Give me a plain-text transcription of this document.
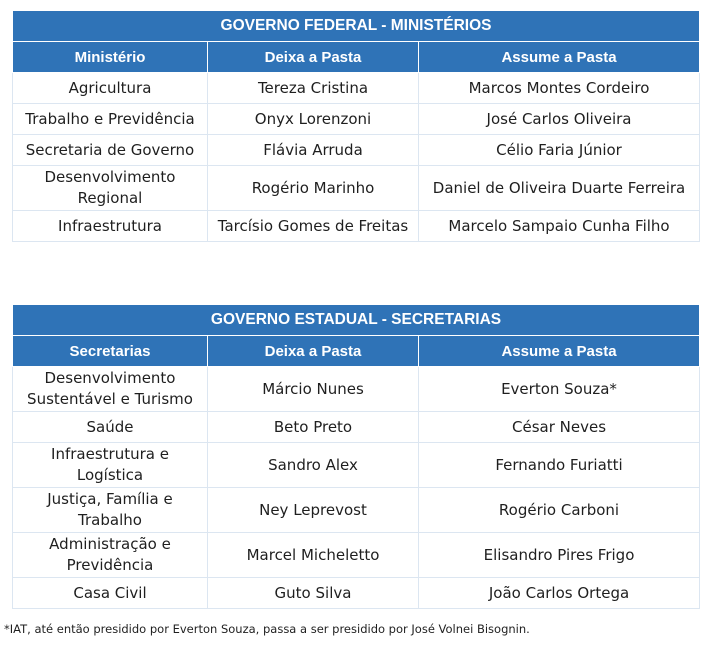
GOVERNO FEDERAL - MINISTÉRIOS		
Ministério	Deixa a Pasta	Assume a Pasta
Agricultura	Tereza Cristina	Marcos Montes Cordeiro
Trabalho e Previdência	Onyx Lorenzoni	José Carlos Oliveira
Secretaria de Governo	Flávia Arruda	Célio Faria Júnior
Desenvolvimento Regional	Rogério Marinho	Daniel de Oliveira Duarte Ferreira
Infraestrutura	Tarcísio Gomes de Freitas	Marcelo Sampaio Cunha Filho
GOVERNO ESTADUAL - SECRETARIAS		
Secretarias	Deixa a Pasta	Assume a Pasta
Desenvolvimento Sustentável e Turismo	Márcio Nunes	Everton Souza*
Saúde	Beto Preto	César Neves
Infraestrutura e Logística	Sandro Alex	Fernando Furiatti
Justiça, Família e Trabalho	Ney Leprevost	Rogério Carboni
Administração e Previdência	Marcel Micheletto	Elisandro Pires Frigo
Casa Civil	Guto Silva	João Carlos Ortega
*IAT, até então presidido por Everton Souza, passa a ser presidido por José Volnei Bisognin.
